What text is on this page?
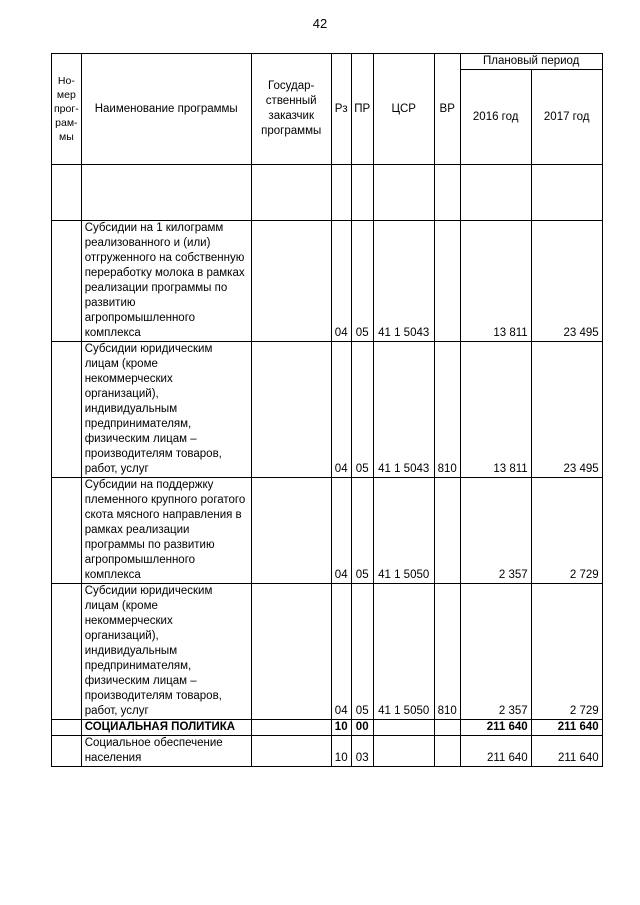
42
Но-мер прог-рам-мы	Наименование программы	Государ-ственный заказчик программы	Рз	ПР	ЦСР	ВР	Плановый период	
							2016 год	2017 год

	Субсидии на 1 килограмм реализованного и (или) отгруженного на собственную переработку молока в рамках реализации программы по развитию агропромышленного комплекса		04	05	41 1 5043		13 811	23 495
	Субсидии юридическим лицам (кроме некоммерческих организаций), индивидуальным предпринимателям, физическим лицам – производителям товаров, работ, услуг		04	05	41 1 5043	810	13 811	23 495
	Субсидии на поддержку племенного крупного рогатого скота мясного направления в рамках реализации программы по развитию агропромышленного комплекса		04	05	41 1 5050		2 357	2 729
	Субсидии юридическим лицам (кроме некоммерческих организаций), индивидуальным предпринимателям, физическим лицам – производителям товаров, работ, услуг		04	05	41 1 5050	810	2 357	2 729
	СОЦИАЛЬНАЯ ПОЛИТИКА		10	00			211 640	211 640
	Социальное обеспечение населения		10	03			211 640	211 640
